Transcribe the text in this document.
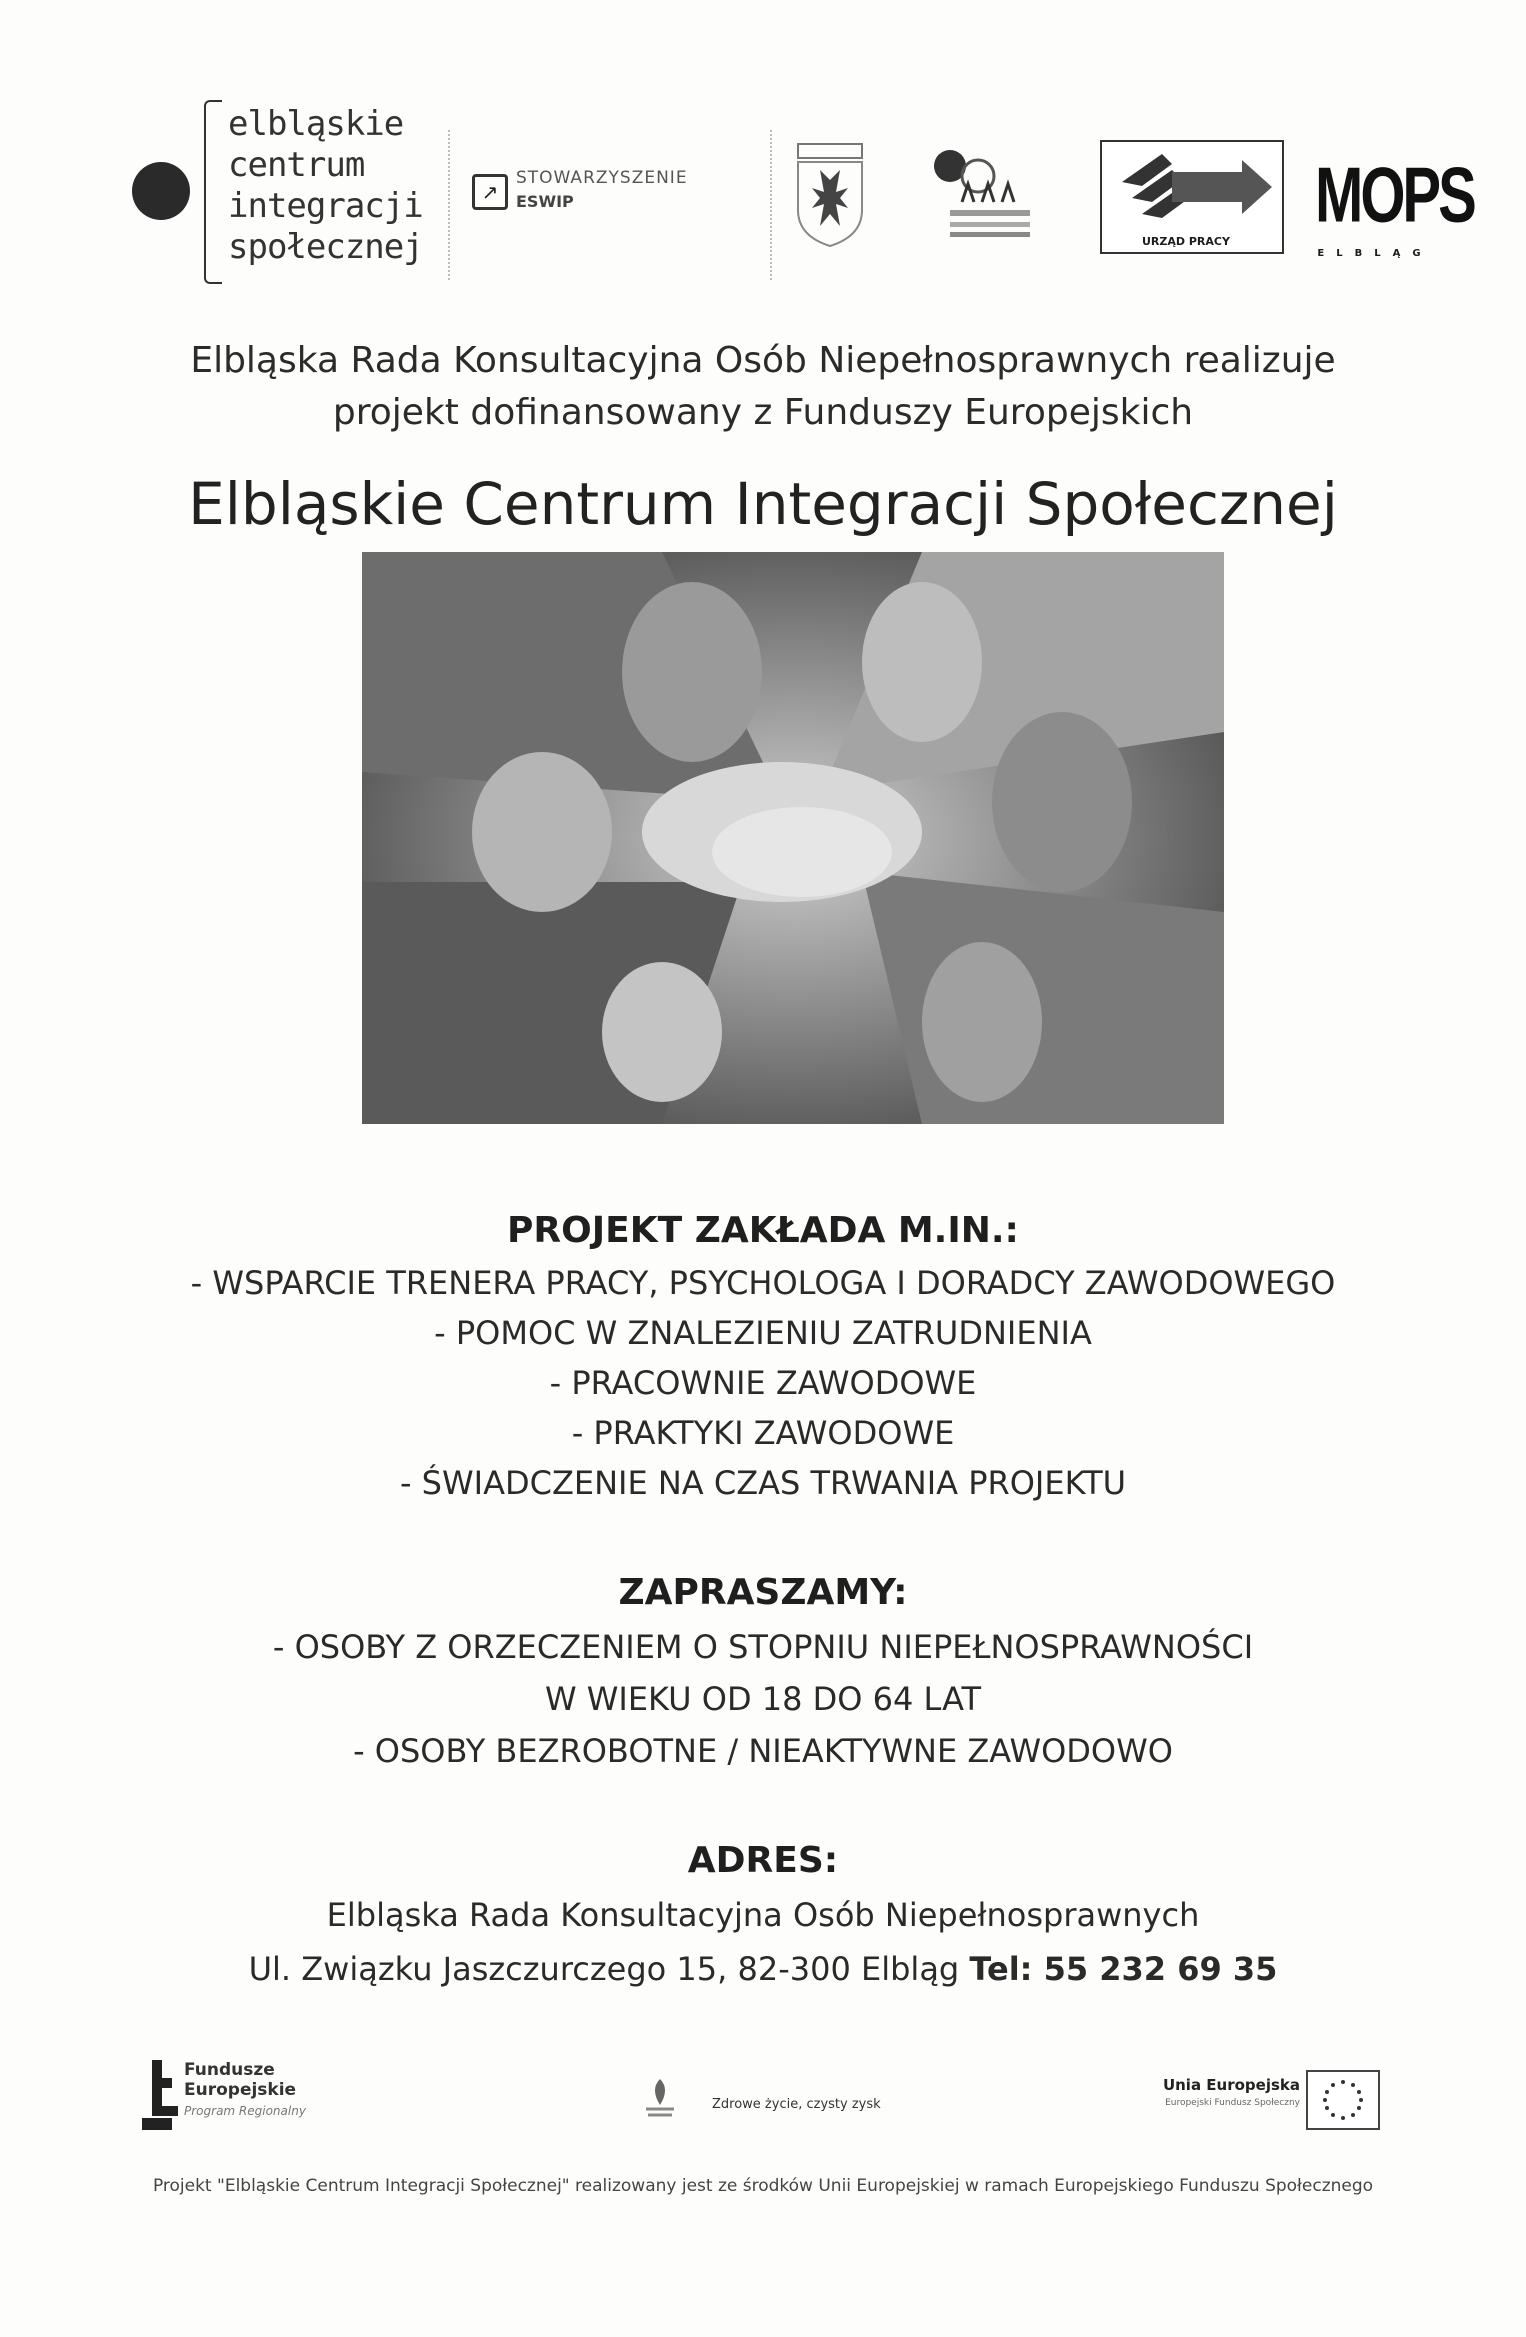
elbląskie
centrum
integracji
społecznej
↗
STOWARZYSZENIE
ESWIP
URZĄD PRACY
MOPS
ELBLĄG
Elbląska Rada Konsultacyjna Osób Niepełnosprawnych realizuje
projekt dofinansowany z Funduszy Europejskich
Elbląskie Centrum Integracji Społecznej
PROJEKT ZAKŁADA M.IN.:
- WSPARCIE TRENERA PRACY, PSYCHOLOGA I DORADCY ZAWODOWEGO
- POMOC W ZNALEZIENIU ZATRUDNIENIA
- PRACOWNIE ZAWODOWE
- PRAKTYKI ZAWODOWE
- ŚWIADCZENIE NA CZAS TRWANIA PROJEKTU
ZAPRASZAMY:
- OSOBY Z ORZECZENIEM O STOPNIU NIEPEŁNOSPRAWNOŚCI
W WIEKU OD 18 DO 64 LAT
- OSOBY BEZROBOTNE / NIEAKTYWNE ZAWODOWO
ADRES:
Elbląska Rada Konsultacyjna Osób Niepełnosprawnych
Ul. Związku Jaszczurczego 15, 82-300 Elbląg Tel: 55 232 69 35
Fundusze
Europejskie
Program Regionalny	Zdrowe życie, czysty zysk
Unia Europejska
Europejski Fundusz Społeczny
Projekt "Elbląskie Centrum Integracji Społecznej" realizowany jest ze środków Unii Europejskiej w ramach Europejskiego Funduszu Społecznego
